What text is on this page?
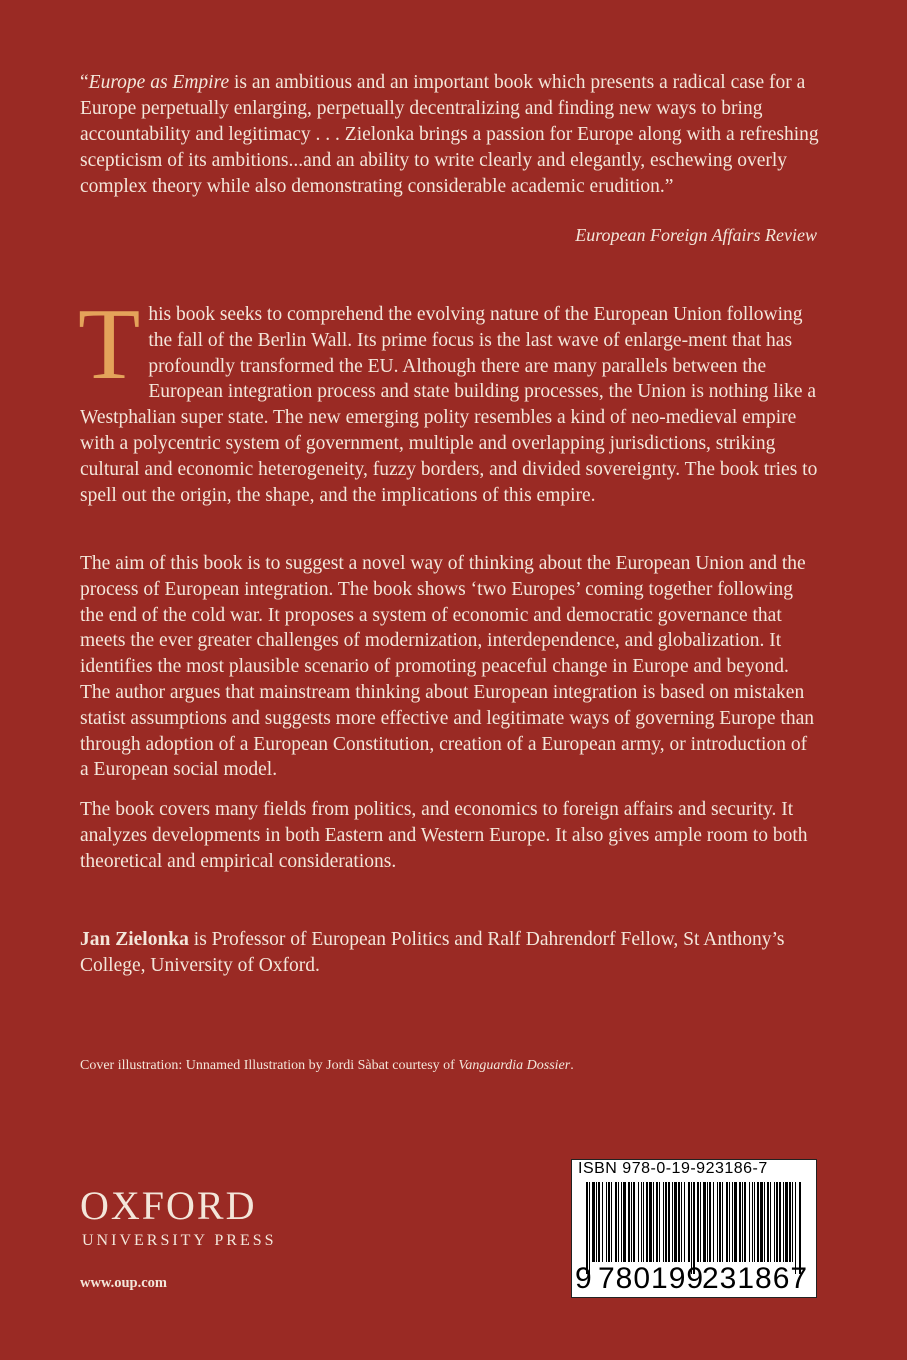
“Europe as Empire is an ambitious and an important book which presents a radical case for a Europe perpetually enlarging, perpetually decentralizing and finding new ways to bring accountability and legitimacy . . . Zielonka brings a passion for Europe along with a refreshing scepticism of its ambitions...and an ability to write clearly and elegantly, eschewing overly complex theory while also demonstrating considerable academic erudition.”

European Foreign Affairs Review
T his book seeks to comprehend the evolving nature of the European Union following the fall of the Berlin Wall. Its prime focus is the last wave of enlarge-ment that has profoundly transformed the EU. Although there are many parallels between the European integration process and state building processes, the Union is nothing like a Westphalian super state. The new emerging polity resembles a kind of neo-medieval empire with a polycentric system of government, multiple and overlapping jurisdictions, striking cultural and economic heterogeneity, fuzzy borders, and divided sovereignty. The book tries to spell out the origin, the shape, and the implications of this empire.

The aim of this book is to suggest a novel way of thinking about the European Union and the process of European integration. The book shows ‘two Europes’ coming together following the end of the cold war. It proposes a system of economic and democratic governance that meets the ever greater challenges of modernization, interdependence, and globalization. It identifies the most plausible scenario of promoting peaceful change in Europe and beyond. The author argues that mainstream thinking about European integration is based on mistaken statist assumptions and suggests more effective and legitimate ways of governing Europe than through adoption of a European Constitution, creation of a European army, or introduction of a European social model.

The book covers many fields from politics, and economics to foreign affairs and security. It analyzes developments in both Eastern and Western Europe. It also gives ample room to both theoretical and empirical considerations.

Jan Zielonka is Professor of European Politics and Ralf Dahrendorf Fellow, St Anthony’s College, University of Oxford.
Cover illustration: Unnamed Illustration by Jordi Sàbat courtesy of Vanguardia Dossier.
OXFORD
UNIVERSITY PRESS
www.oup.com
ISBN 978-0-19-923186-7
9 780199
231867
